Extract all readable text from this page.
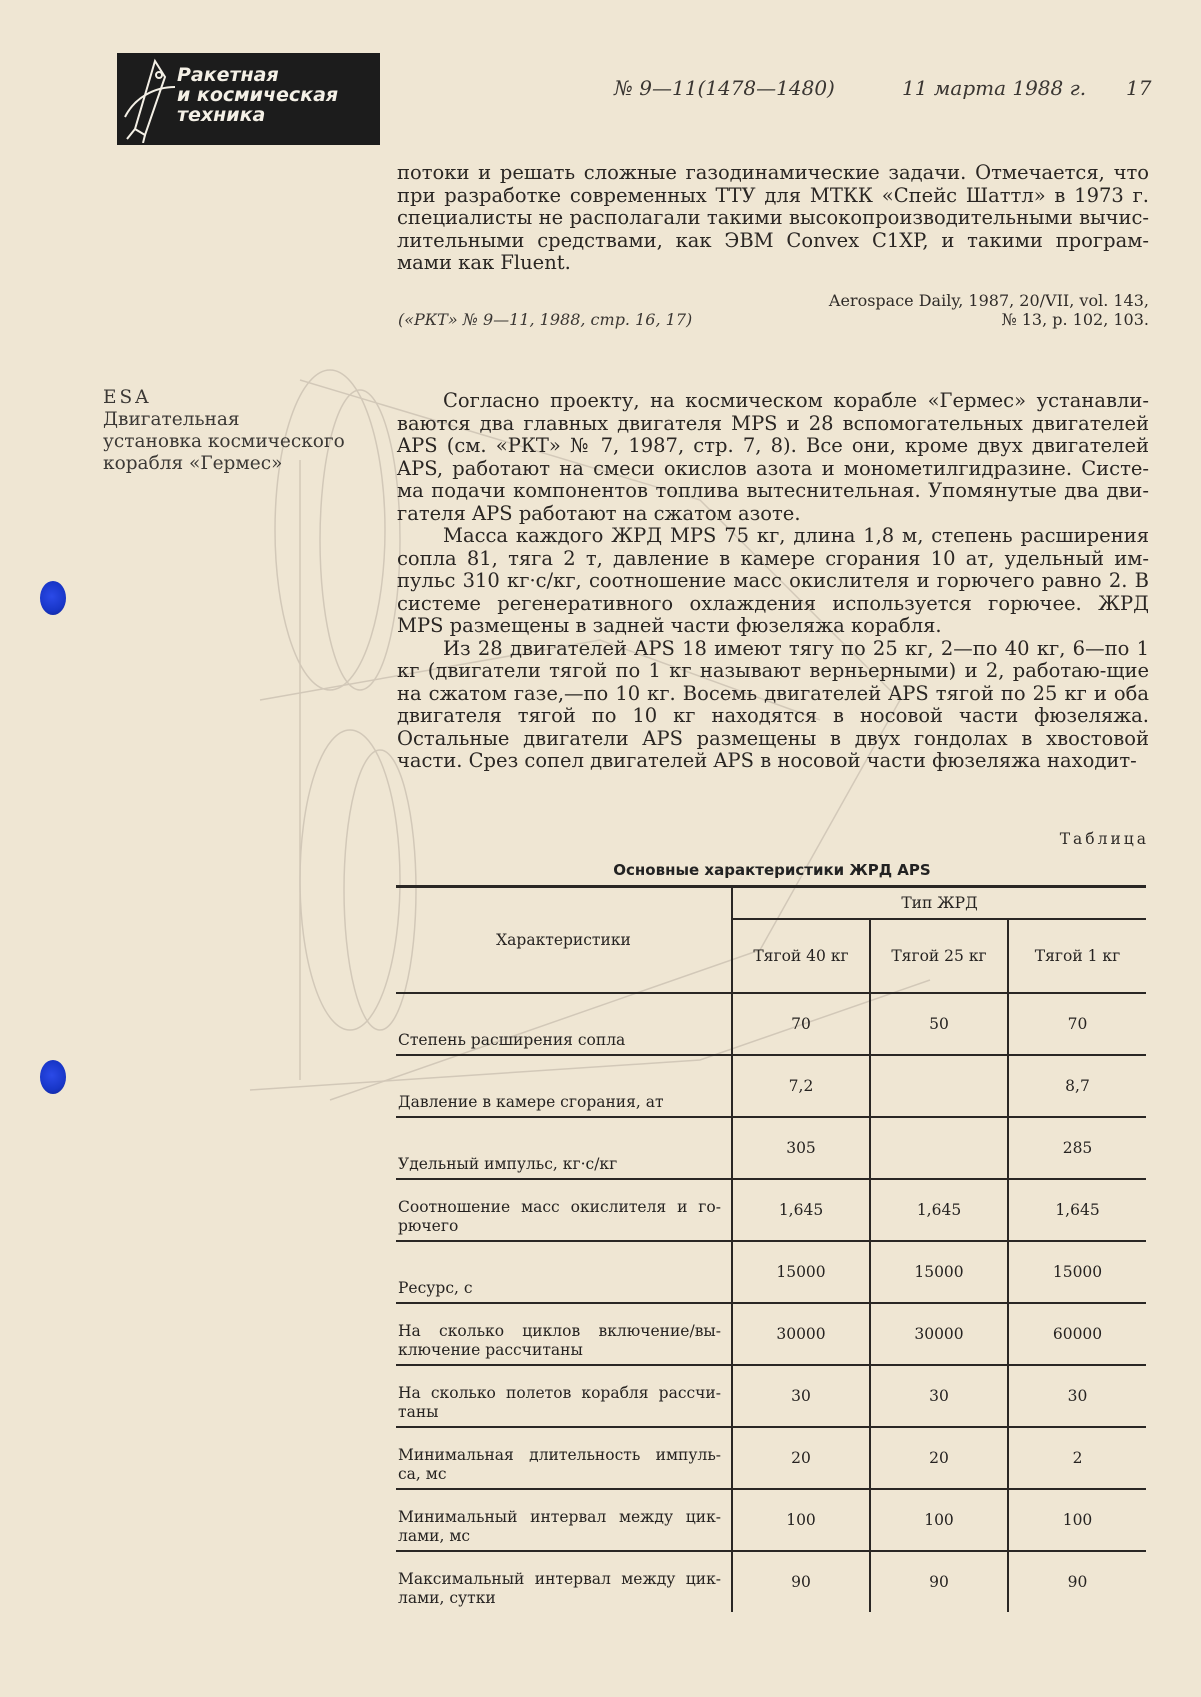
Ракетная
и космическая
техника
№ 9—11(1478—1480)	11 марта 1988 г. 17
потоки и решать сложные газодинамические задачи. Отмечается, что
при разработке современных ТТУ для МТКК «Спейс Шаттл» в 1973 г.
специалисты не располагали такими высокопроизводительными вычис-
лительными средствами, как ЭВМ Convex C1XP, и такими програм-
мами как Fluent.
Aerospace Daily, 1987, 20/VII, vol. 143,
№ 13, p. 102, 103.
(«РКТ» № 9—11, 1988, стр. 16, 17)
ESA
Двигательная
установка космического
корабля «Гермес»

Согласно проекту, на космическом корабле «Гермес» устанавли-ваются два главных двигателя MPS и 28 вспомогательных двигателей APS (см. «РКТ» № 7, 1987, стр. 7, 8). Все они, кроме двух двигателей APS, работают на смеси окислов азота и монометилгидразине. Систе-ма подачи компонентов топлива вытеснительная. Упомянутые два дви-гателя APS работают на сжатом азоте.

Масса каждого ЖРД MPS 75 кг, длина 1,8 м, степень расширения сопла 81, тяга 2 т, давление в камере сгорания 10 ат, удельный им-пульс 310 кг·с/кг, соотношение масс окислителя и горючего равно 2. В системе регенеративного охлаждения используется горючее. ЖРД MPS размещены в задней части фюзеляжа корабля.

Из 28 двигателей APS 18 имеют тягу по 25 кг, 2—по 40 кг, 6—по 1 кг (двигатели тягой по 1 кг называют верньерными) и 2, работаю-щие на сжатом газе,—по 10 кг. Восемь двигателей APS тягой по 25 кг и оба двигателя тягой по 10 кг находятся в носовой части фюзеляжа. Остальные двигатели APS размещены в двух гондолах в хвостовой части. Срез сопел двигателей APS в носовой части фюзеляжа находит-

Таблица
Основные характеристики ЖРД APS
Характеристики	Тип ЖРД		
	Тягой 40 кг	Тягой 25 кг	Тягой 1 кг
Степень расширения сопла	70	50	70
Давление в камере сгорания, ат	7,2		8,7
Удельный импульс, кг·с/кг	305		285
Соотношение масс окислителя и го-рючего	1,645	1,645	1,645
Ресурс, с	15000	15000	15000
На сколько циклов включение/вы-ключение рассчитаны	30000	30000	60000
На сколько полетов корабля рассчи-таны	30	30	30
Минимальная длительность импуль-са, мс	20	20	2
Минимальный интервал между цик-лами, мс	100	100	100
Максимальный интервал между цик-лами, сутки	90	90	90
